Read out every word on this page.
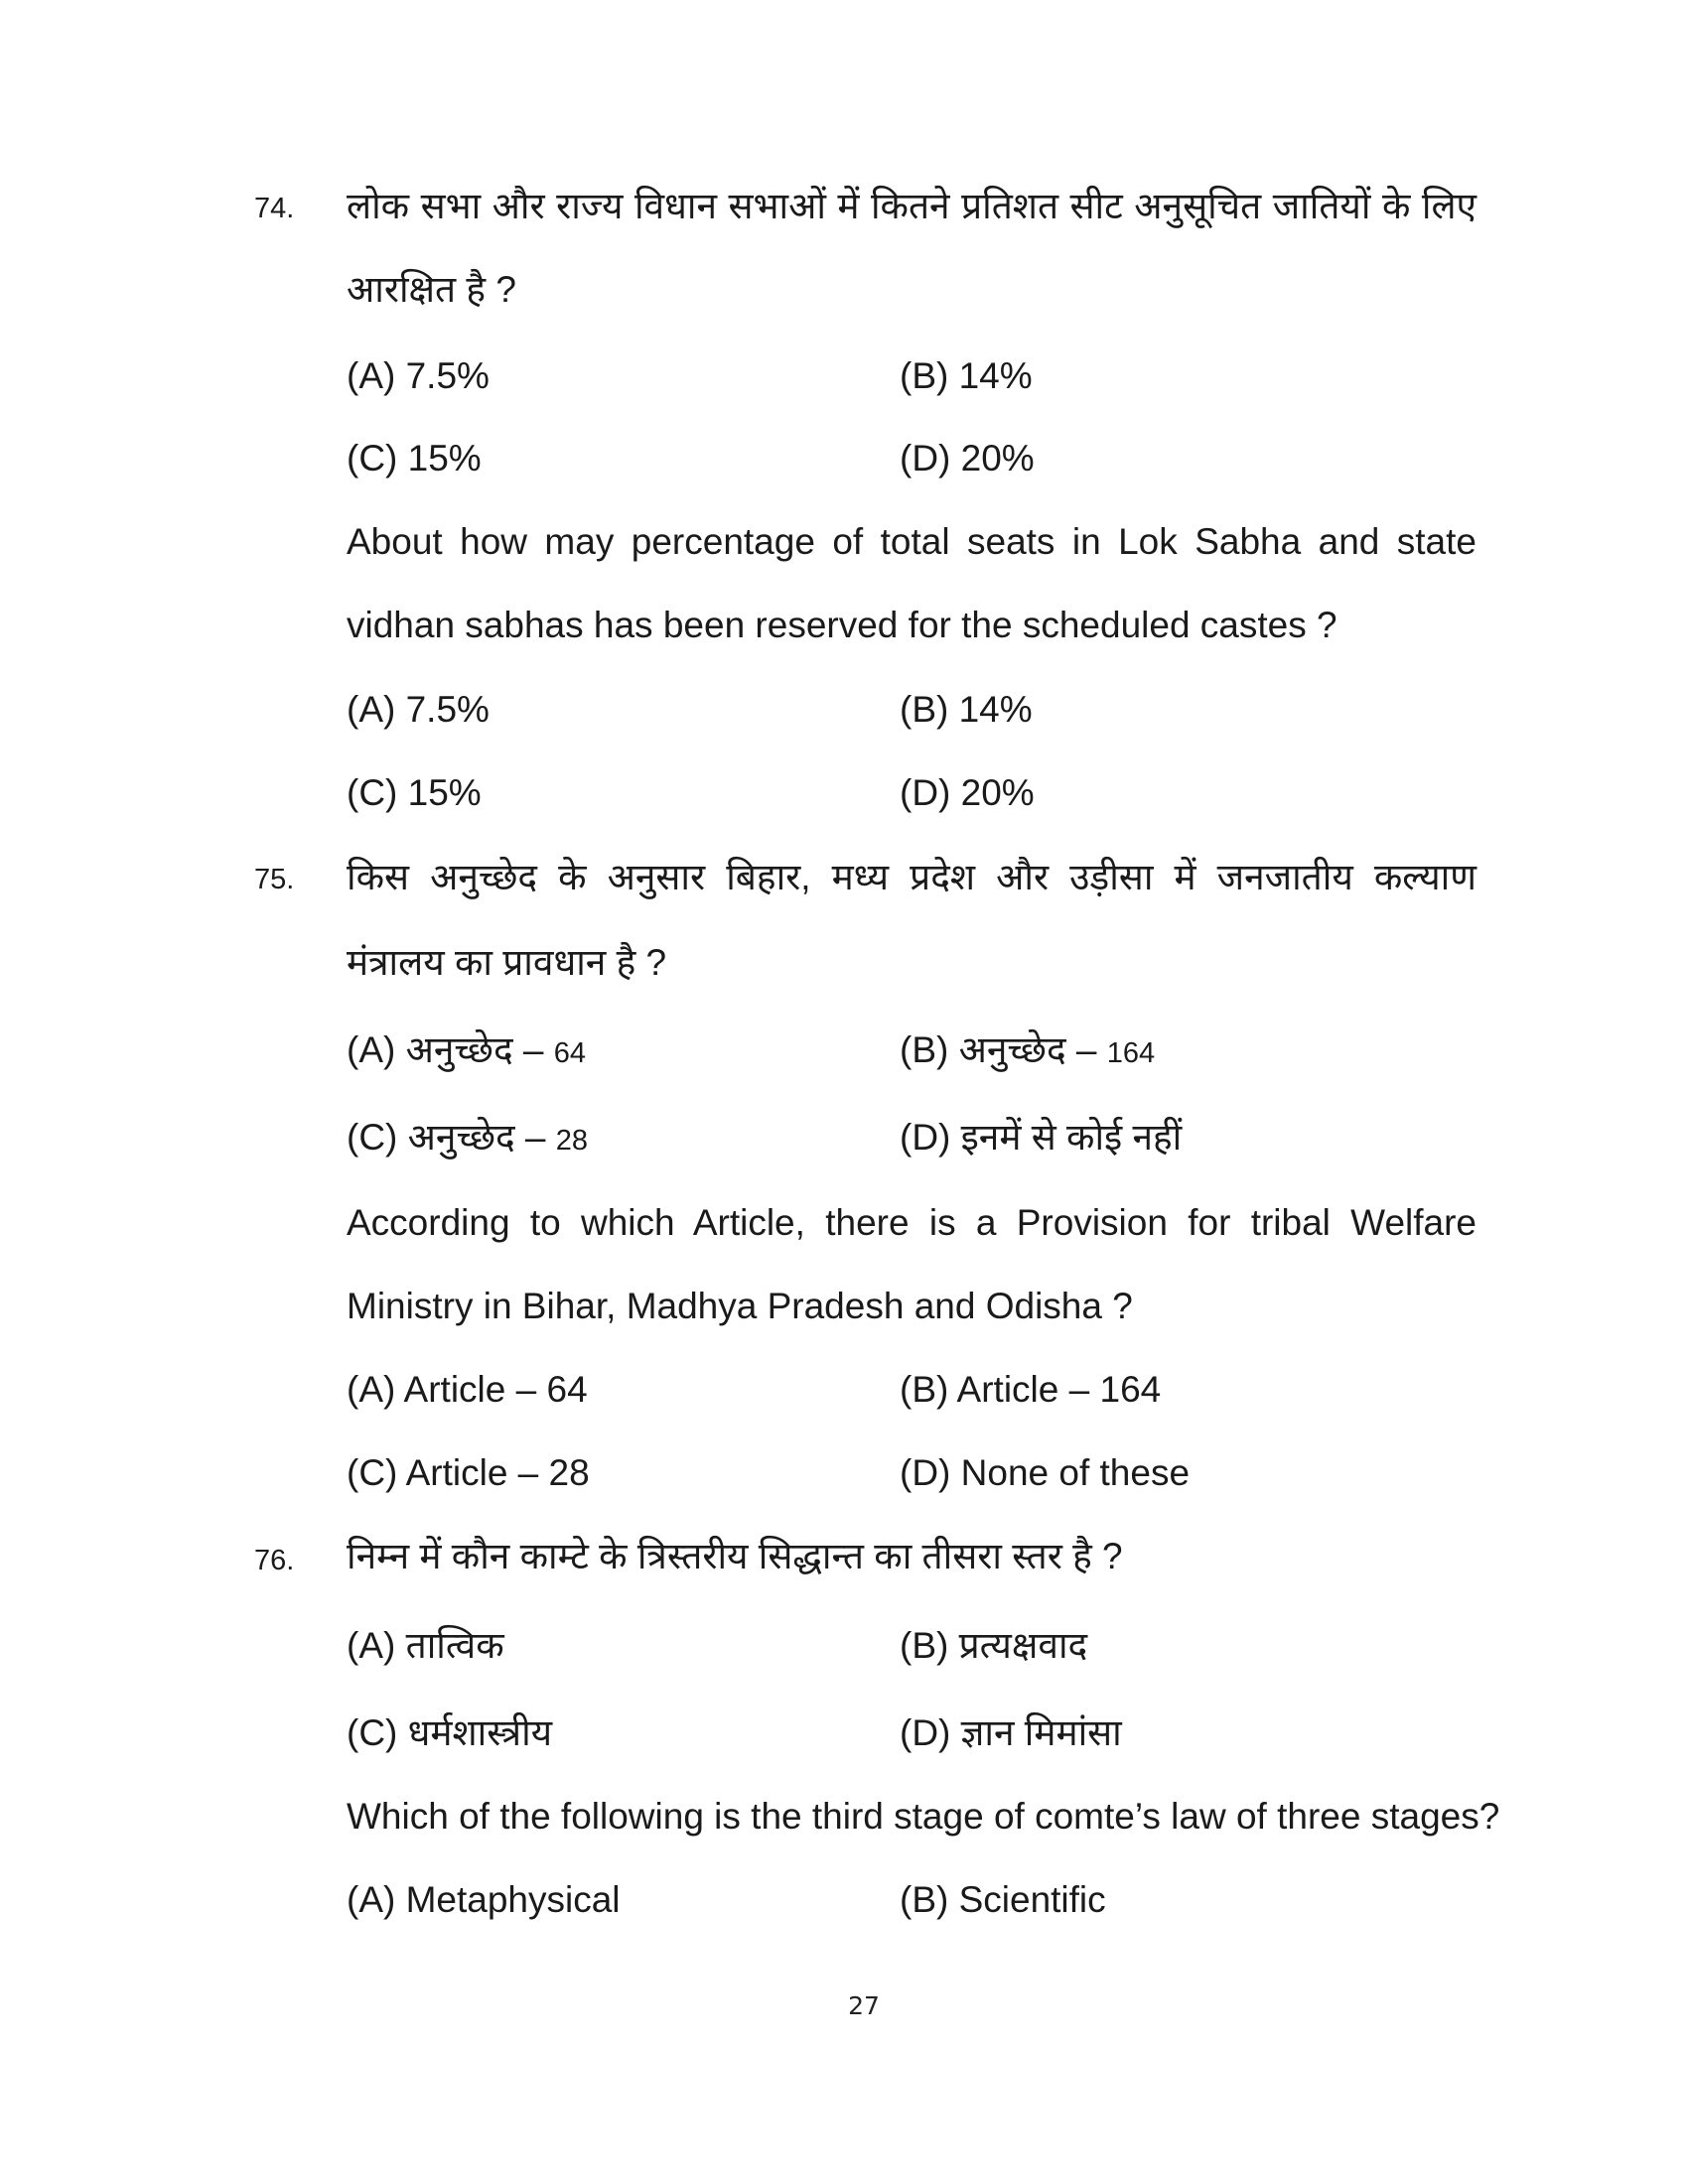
74. लोक सभा और राज्य विधान सभाओं में कितने प्रतिशत सीट अनुसूचित जातियों के लिए
आरक्षित है ?
(A) 7.5%	(B) 14%
(C) 15%	(D) 20%
About how may percentage of total seats in Lok Sabha and state
vidhan sabhas has been reserved for the scheduled castes ?
(A) 7.5%	(B) 14%
(C) 15%	(D) 20%
75. किस अनुच्छेद के अनुसार बिहार, मध्य प्रदेश और उड़ीसा में जनजातीय कल्याण
मंत्रालय का प्रावधान है ?
(A) अनुच्छेद – 64	(B) अनुच्छेद – 164
(C) अनुच्छेद – 28	(D) इनमें से कोई नहीं
According to which Article, there is a Provision for tribal Welfare
Ministry in Bihar, Madhya Pradesh and Odisha ?
(A) Article – 64	(B) Article – 164
(C) Article – 28	(D) None of these
76. निम्न में कौन काम्टे के त्रिस्तरीय सिद्धान्त का तीसरा स्तर है ?
(A) तात्विक	(B) प्रत्यक्षवाद
(C) धर्मशास्त्रीय	(D) ज्ञान मिमांसा
Which of the following is the third stage of comte’s law of three stages?
(A) Metaphysical	(B) Scientific
27
